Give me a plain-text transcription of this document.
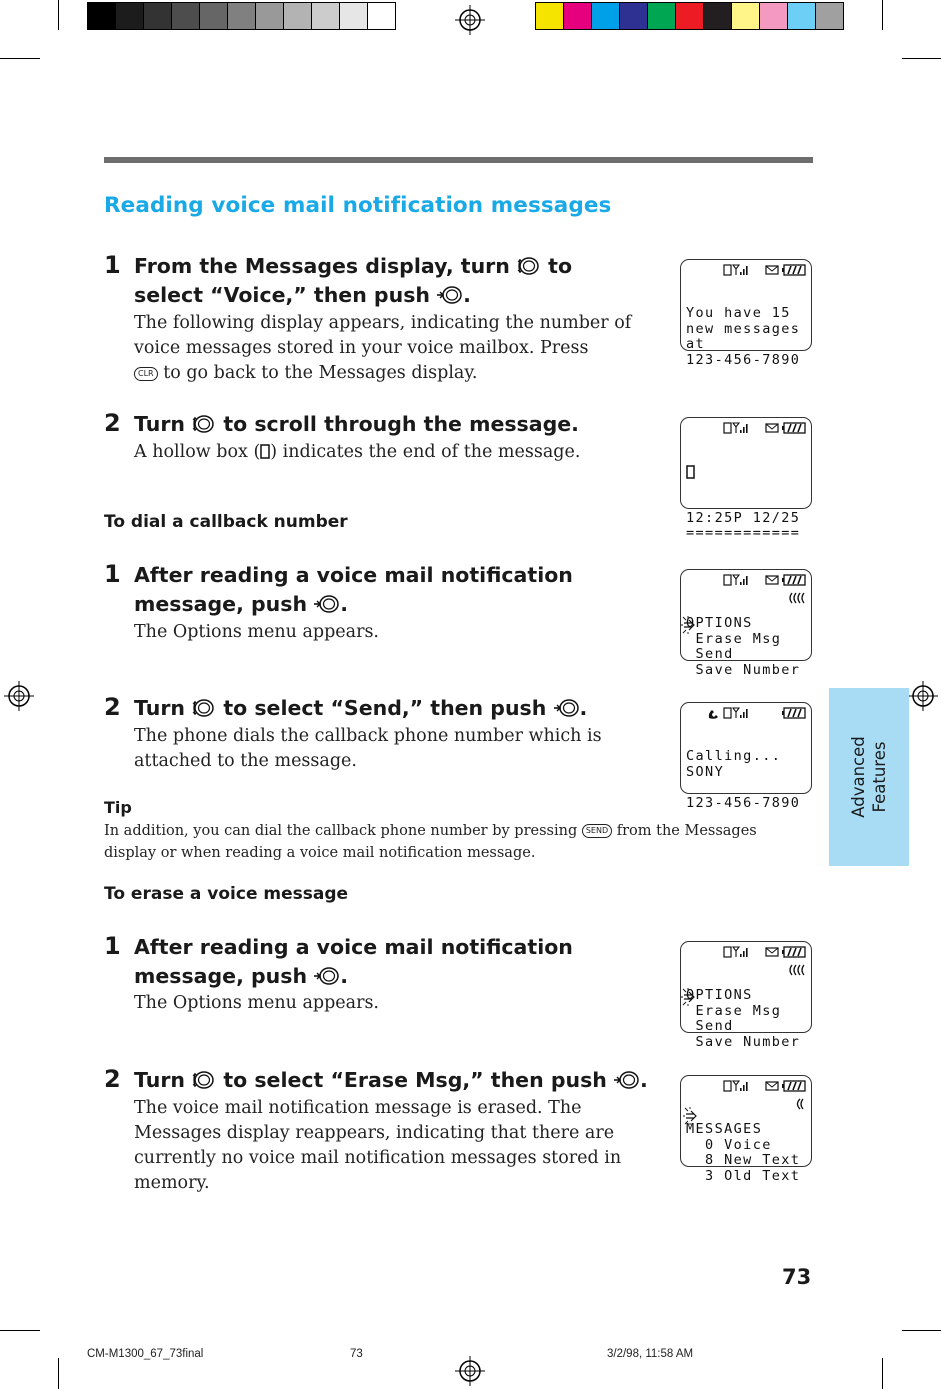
Reading voice mail notification messages
1 From the Messages display, turn to
select “Voice,” then push .
The following display appears, indicating the number of voice messages stored in your voice mailbox. Press
CLR to go back to the Messages display.
2 Turn to scroll through the message.
A hollow box ( ) indicates the end of the message.
To dial a callback number
1 After reading a voice mail notification
message, push .
The Options menu appears.
2 Turn to select “Send,” then push .
The phone dials the callback phone number which is attached to the message.
Tip
In addition, you can dial the callback phone number by pressing SEND from the Messages display or when reading a voice mail notification message.
To erase a voice message
1 After reading a voice mail notification
message, push .
The Options menu appears.
2 Turn to select “Erase Msg,” then push .
The voice mail notification message is erased. The Messages display reappears, indicating that there are currently no voice mail notification messages stored in memory.

You have 15
new messages
at
123-456-7890

12:25P 12/25
============

OPTIONS
Erase Msg
Send
Save Number

Calling...
SONY
123-456-7890

OPTIONS
Erase Msg
Send
Save Number

MESSAGES
0 Voice
8 New Text
3 Old Text

Advanced Features
73
CM-M1300_67_73final	73	3/2/98, 11:58 AM
